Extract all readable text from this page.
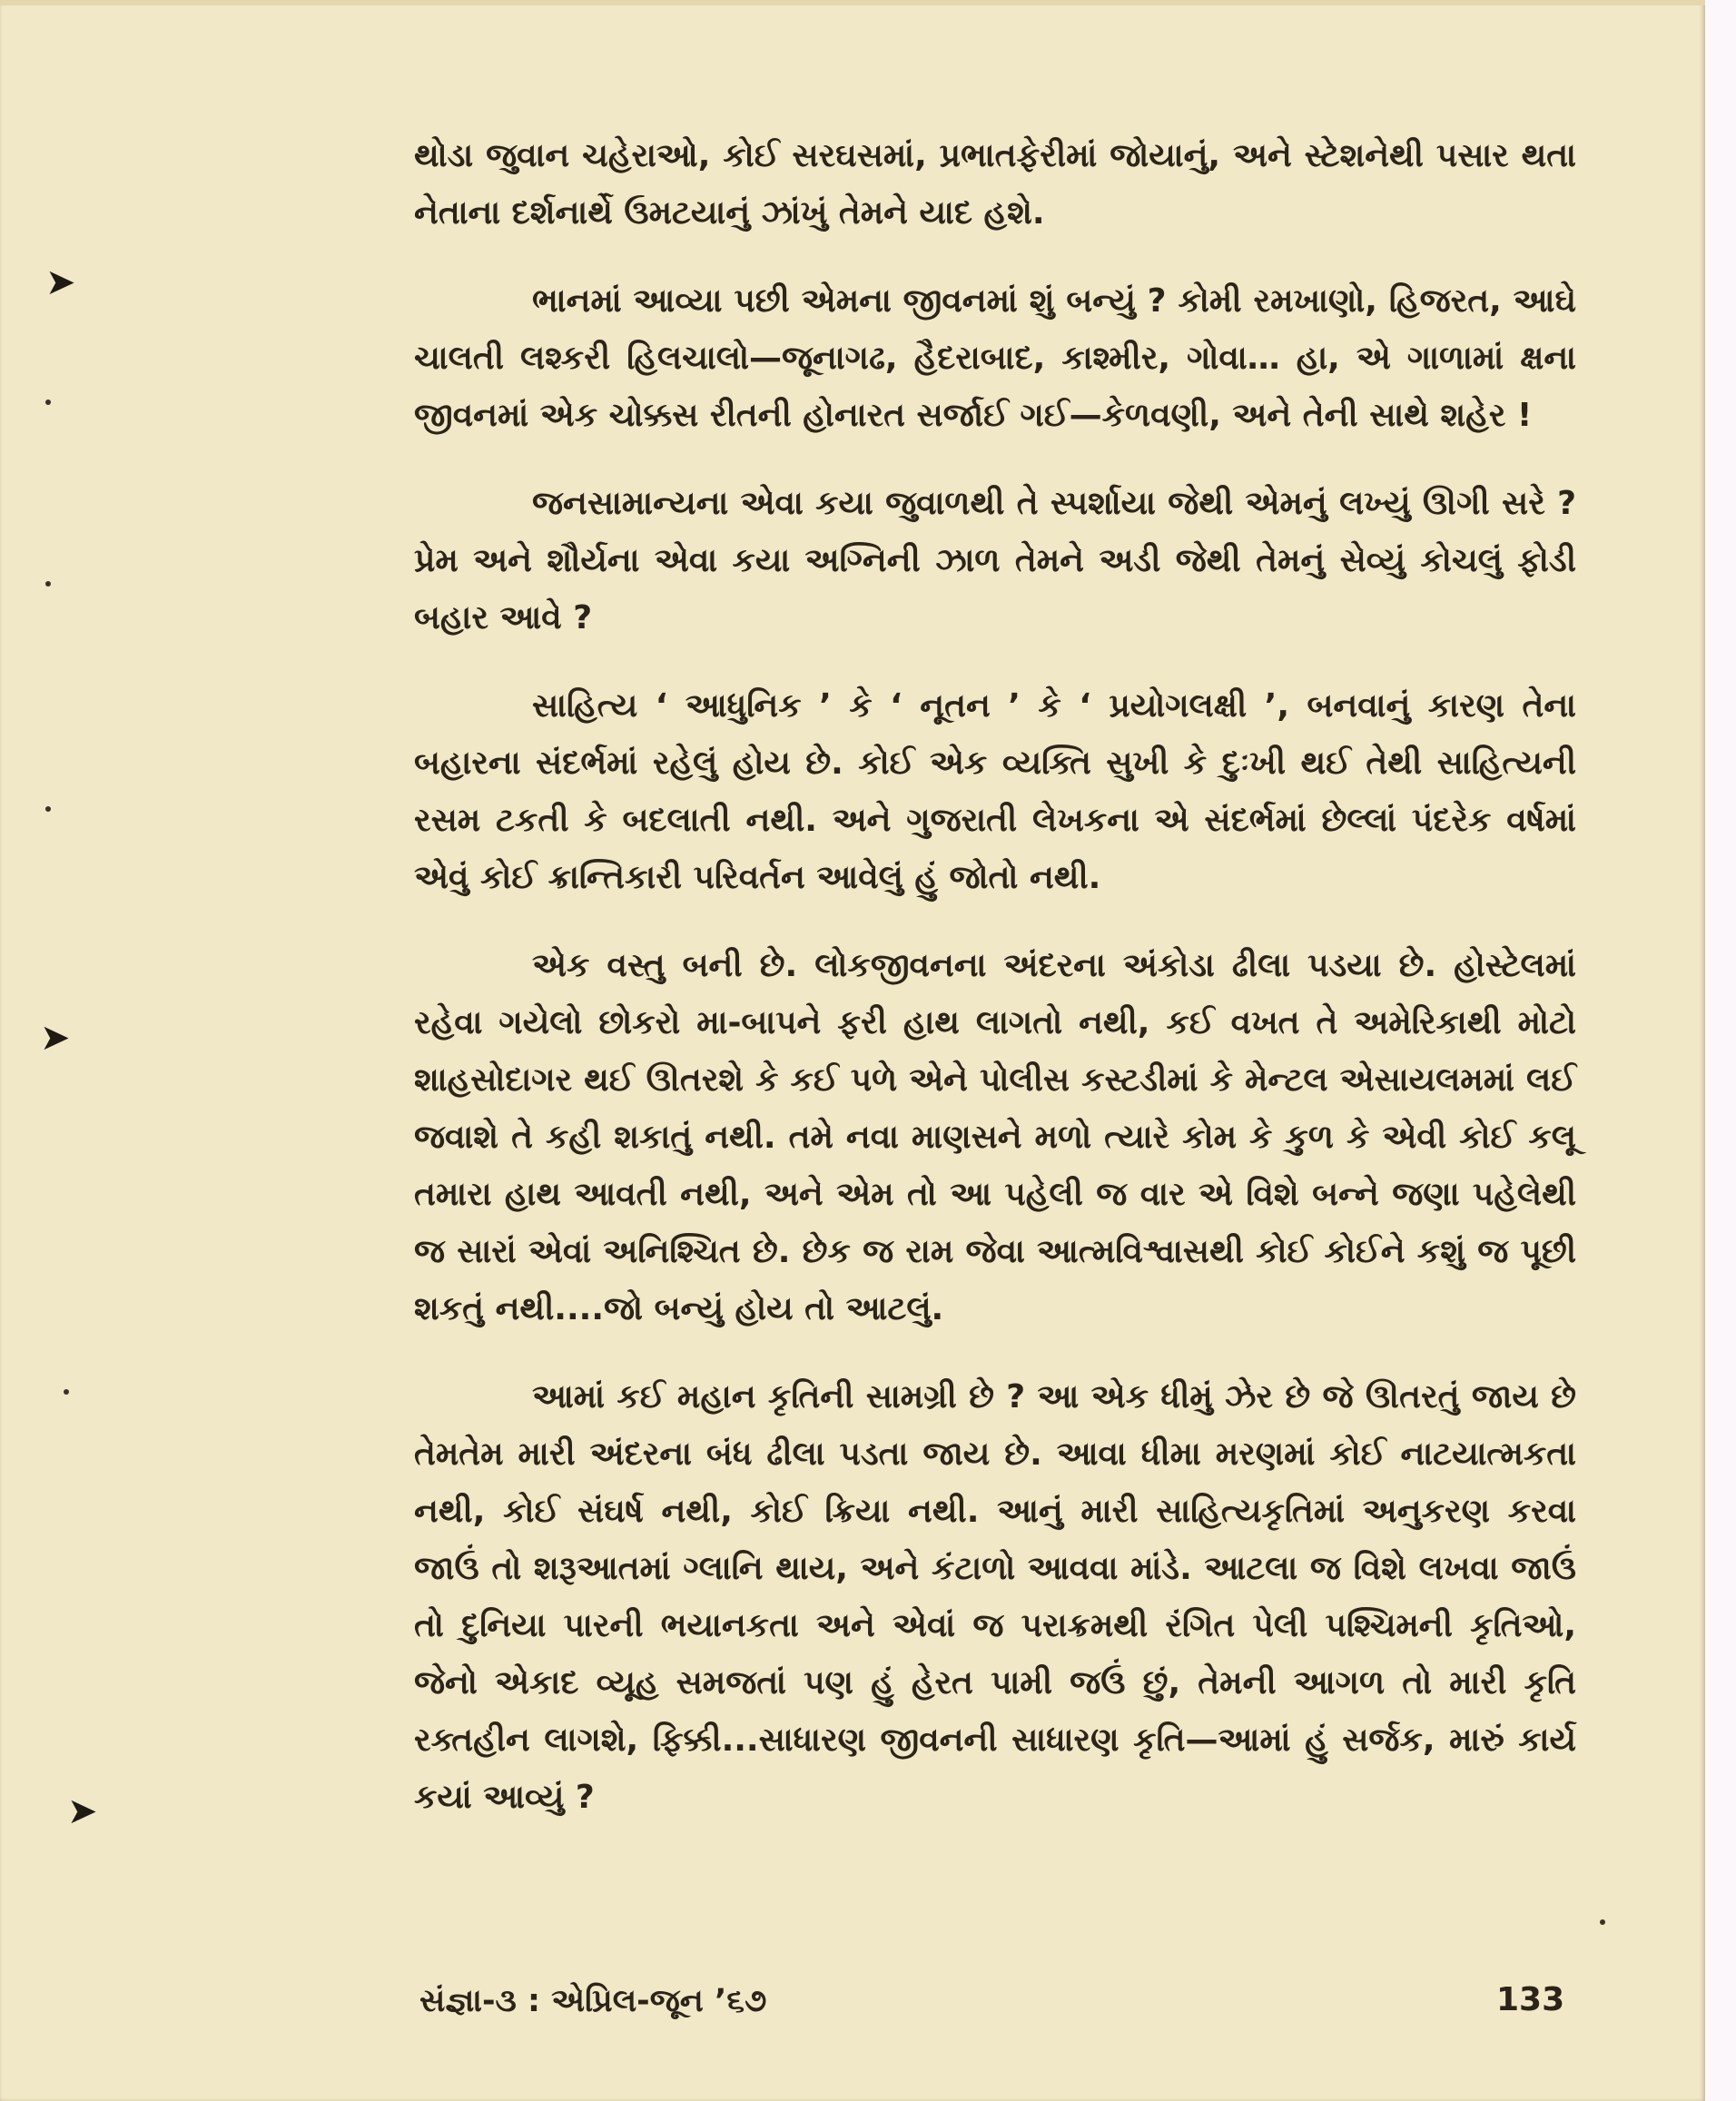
થોડા જુવાન ચહેરાઓ, કોઈ સરઘસમાં, પ્રભાતફેરીમાં જોયાનું, અને સ્ટેશનેથી પસાર થતા નેતાના દર્શનાર્થે ઉમટયાનું ઝાંખું તેમને યાદ હશે.

ભાનમાં આવ્યા પછી એમના જીવનમાં શું બન્યું ? કોમી રમખાણો, હિજરત, આઘે ચાલતી લશ્કરી હિલચાલો—જૂનાગઢ, હૈદરાબાદ, કાશ્મીર, ગોવા… હા, એ ગાળામાં ક્ષના જીવનમાં એક ચોક્કસ રીતની હોનારત સર્જાઈ ગઈ—કેળવણી, અને તેની સાથે શહેર !

જનસામાન્યના એવા કયા જુવાળથી તે સ્પર્શાયા જેથી એમનું લખ્યું ઊગી સરે ? પ્રેમ અને શૌર્યના એવા કયા અગ્નિની ઝાળ તેમને અડી જેથી તેમનું સેવ્યું કોચલું ફોડી બહાર આવે ?

સાહિત્ય ‘ આધુનિક ’ કે ‘ નૂતન ’ કે ‘ પ્રયોગલક્ષી ’, બનવાનું કારણ તેના બહારના સંદર્ભમાં રહેલું હોય છે. કોઈ એક વ્યક્તિ સુખી કે દુઃખી થઈ તેથી સાહિત્યની રસમ ટકતી કે બદલાતી નથી. અને ગુજરાતી લેખકના એ સંદર્ભમાં છેલ્લાં પંદરેક વર્ષમાં એવું કોઈ ક્રાન્તિકારી પરિવર્તન આવેલું હું જોતો નથી.

એક વસ્તુ બની છે. લોકજીવનના અંદરના અંકોડા ઢીલા પડયા છે. હોસ્ટેલમાં રહેવા ગયેલો છોકરો મા-બાપને ફરી હાથ લાગતો નથી, કઈ વખત તે અમેરિકાથી મોટો શાહસોદાગર થઈ ઊતરશે કે કઈ પળે એને પોલીસ કસ્ટડીમાં કે મેન્ટલ એસાયલમમાં લઈ જવાશે તે કહી શકાતું નથી. તમે નવા માણસને મળો ત્યારે કોમ કે કુળ કે એવી કોઈ કલૂ તમારા હાથ આવતી નથી, અને એમ તો આ પહેલી જ વાર એ વિશે બન્ને જણા પહેલેથી જ સારાં એવાં અનિશ્ચિત છે. છેક જ રામ જેવા આત્મવિશ્વાસથી કોઈ કોઈને કશું જ પૂછી શકતું નથી....જો બન્યું હોય તો આટલું.

આમાં કઈ મહાન કૃતિની સામગ્રી છે ? આ એક ધીમું ઝેર છે જે ઊતરતું જાય છે તેમતેમ મારી અંદરના બંધ ઢીલા પડતા જાય છે. આવા ધીમા મરણમાં કોઈ નાટયાત્મકતા નથી, કોઈ સંઘર્ષ નથી, કોઈ ક્રિયા નથી. આનું મારી સાહિત્યકૃતિમાં અનુકરણ કરવા જાઉં તો શરૂઆતમાં ગ્લાનિ થાય, અને કંટાળો આવવા માંડે. આટલા જ વિશે લખવા જાઉં તો દુનિયા પારની ભયાનકતા અને એવાં જ પરાક્રમથી રંગિત પેલી પશ્ચિમની કૃતિઓ, જેનો એકાદ વ્યૂહ સમજતાં પણ હું હેરત પામી જઉં છું, તેમની આગળ તો મારી કૃતિ રક્તહીન લાગશે, ફિક્કી...સાધારણ જીવનની સાધારણ કૃતિ—આમાં હું સર્જક, મારું કાર્ય કયાં આવ્યું ?

સંજ્ઞા-૩ : એપ્રિલ-જૂન ’૬૭	133
➤
➤
➤
